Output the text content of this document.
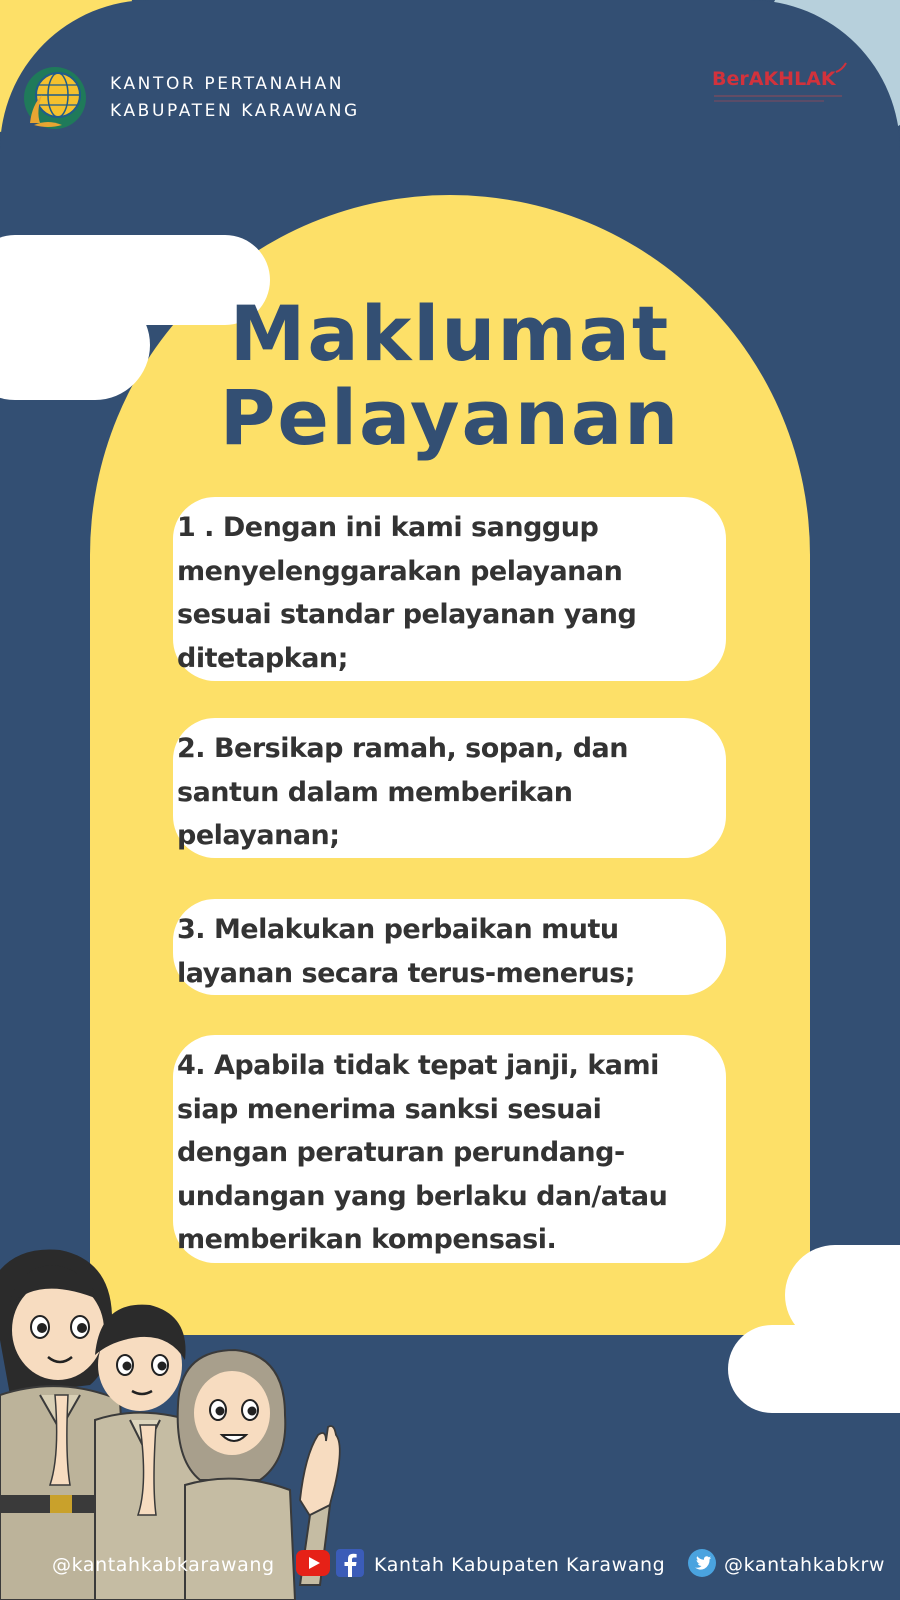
KANTOR PERTANAHAN
KABUPATEN KARAWANG
BerAKHLAK
Maklumat
Pelayanan
1 . Dengan ini kami sanggup
menyelenggarakan pelayanan
sesuai standar pelayanan yang
ditetapkan;
2. Bersikap ramah, sopan, dan
santun dalam memberikan
pelayanan;
3. Melakukan perbaikan mutu
layanan secara terus-menerus;
4. Apabila tidak tepat janji, kami
siap menerima sanksi sesuai
dengan peraturan perundang-
undangan yang berlaku dan/atau
memberikan kompensasi.
@kantahkabkarawang	Kantah Kabupaten Karawang	@kantahkabkrw
